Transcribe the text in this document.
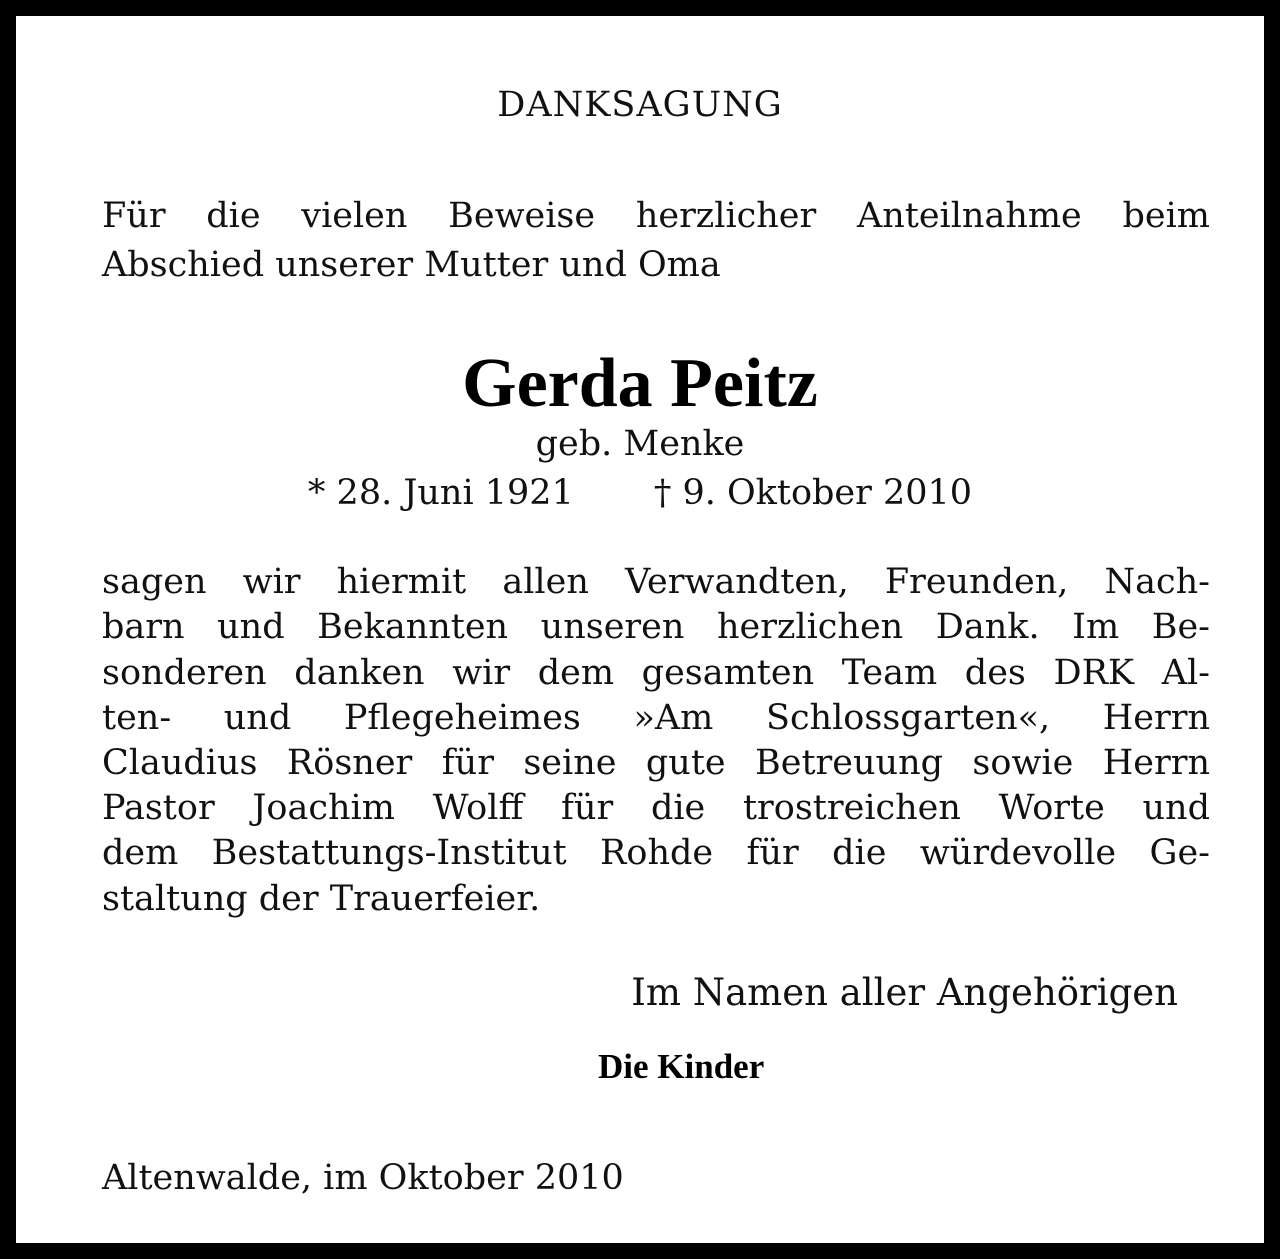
DANKSAGUNG
Für die vielen Beweise herzlicher Anteilnahme beim
Abschied unserer Mutter und Oma
Gerda Peitz
geb. Menke
* 28. Juni 1921 † 9. Oktober 2010
sagen wir hiermit allen Verwandten, Freunden, Nach-
barn und Bekannten unseren herzlichen Dank. Im Be-
sonderen danken wir dem gesamten Team des DRK Al-
ten- und Pflegeheimes »Am Schlossgarten«, Herrn
Claudius Rösner für seine gute Betreuung sowie Herrn
Pastor Joachim Wolff für die trostreichen Worte und
dem Bestattungs-Institut Rohde für die würdevolle Ge-
staltung der Trauerfeier.
Im Namen aller Angehörigen
Die Kinder
Altenwalde, im Oktober 2010
